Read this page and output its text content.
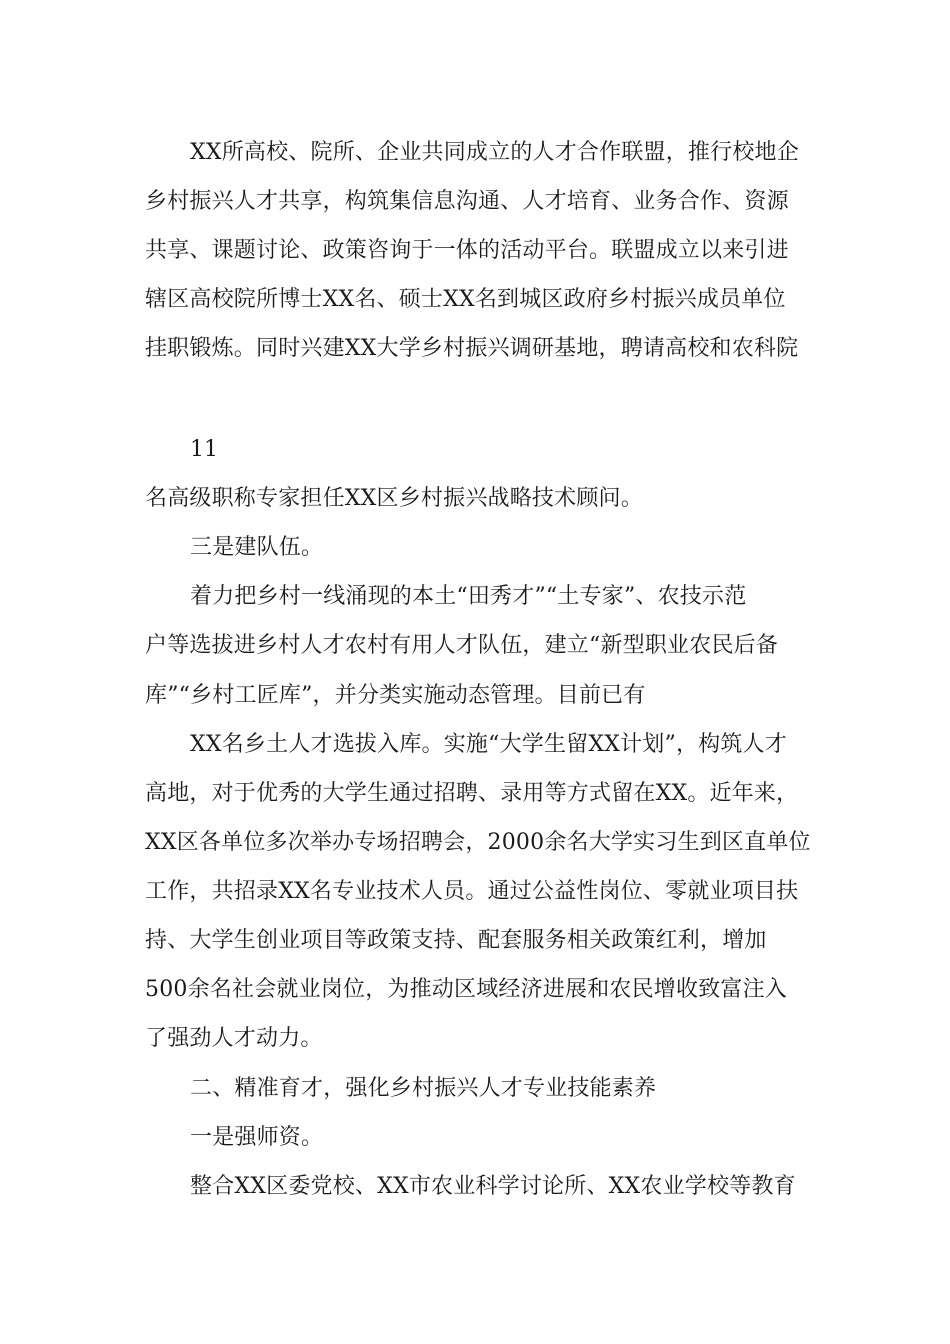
XX所高校、院所、企业共同成立的人才合作联盟，推行校地企

乡村振兴人才共享，构筑集信息沟通、人才培育、业务合作、资源

共享、课题讨论、政策咨询于一体的活动平台。联盟成立以来引进

辖区高校院所博士XX名、硕士XX名到城区政府乡村振兴成员单位

挂职锻炼。同时兴建XX大学乡村振兴调研基地，聘请高校和农科院

11

名高级职称专家担任XX区乡村振兴战略技术顾问。

三是建队伍。

着力把乡村一线涌现的本土“田秀才”“土专家”、农技示范

户等选拔进乡村人才农村有用人才队伍，建立“新型职业农民后备

库”“乡村工匠库”，并分类实施动态管理。目前已有

XX名乡土人才选拔入库。实施“大学生留XX计划”，构筑人才

高地，对于优秀的大学生通过招聘、录用等方式留在XX。近年来，

XX区各单位多次举办专场招聘会，2000余名大学实习生到区直单位

工作，共招录XX名专业技术人员。通过公益性岗位、零就业项目扶

持、大学生创业项目等政策支持、配套服务相关政策红利，增加

500余名社会就业岗位，为推动区域经济进展和农民增收致富注入

了强劲人才动力。

二、精准育才，强化乡村振兴人才专业技能素养

一是强师资。

整合XX区委党校、XX市农业科学讨论所、XX农业学校等教育
